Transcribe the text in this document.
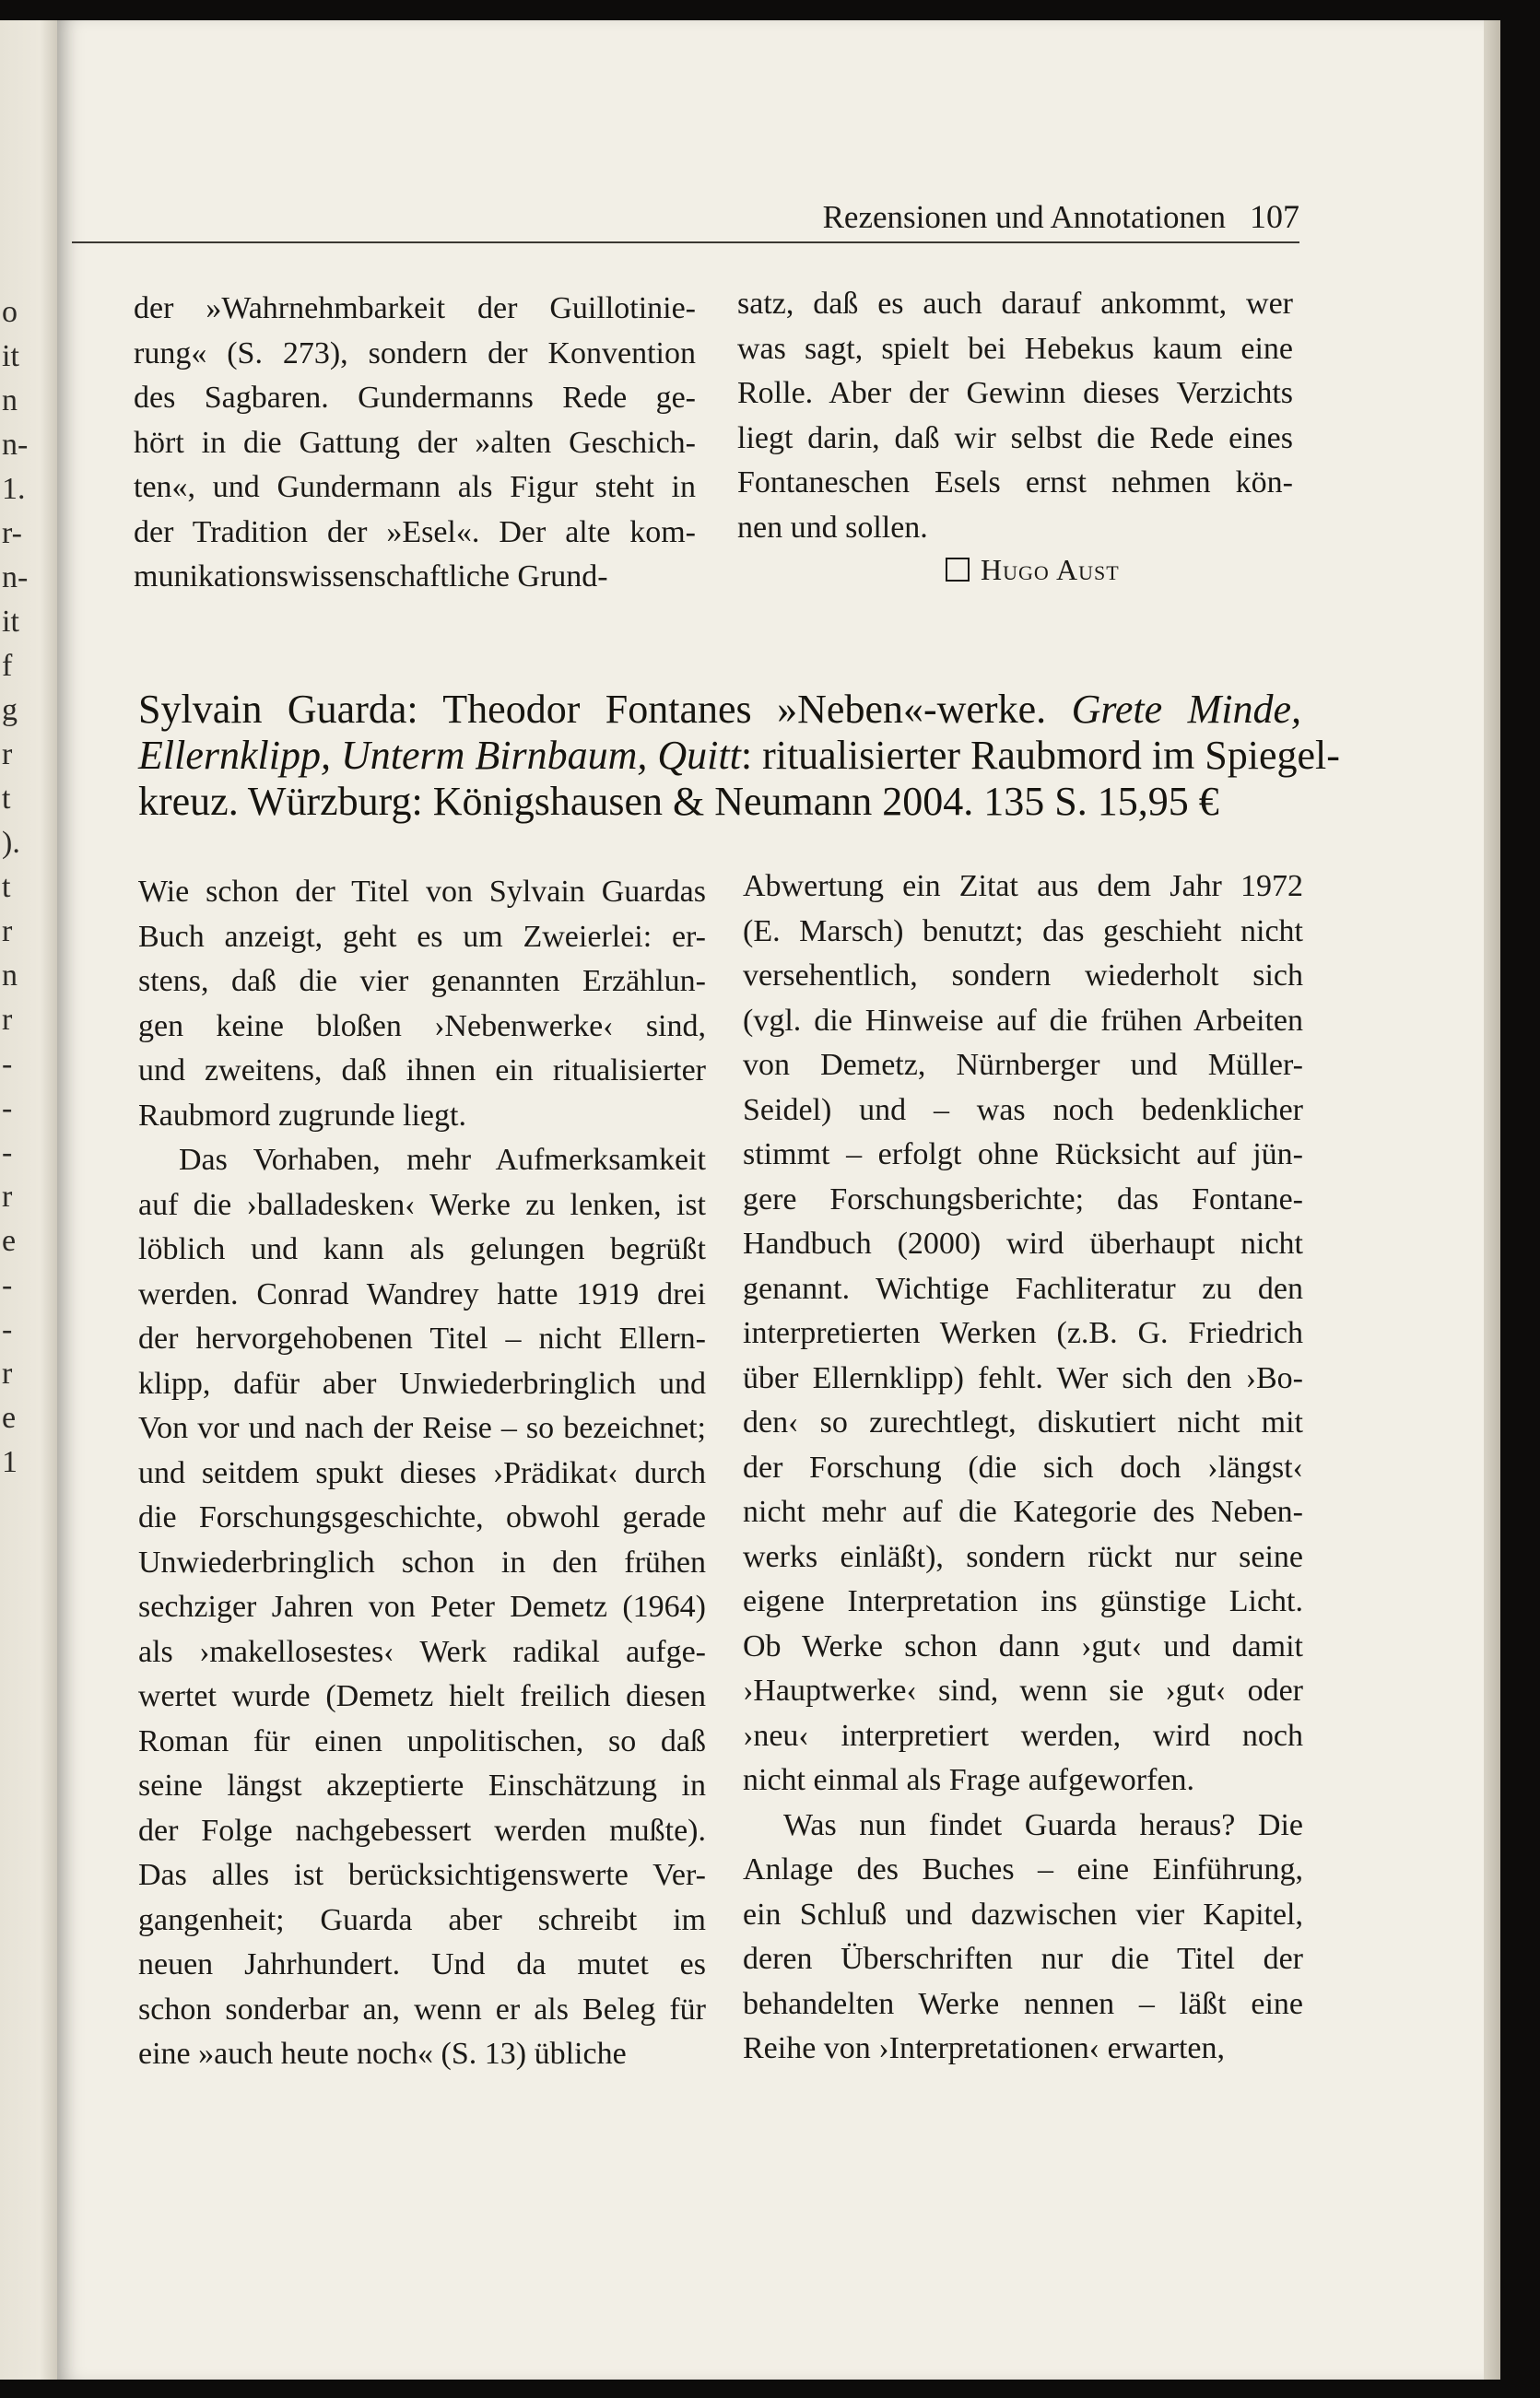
o
it
n
n-
1.
r-
n-
it
f
g
r
t
).
t
r
n
r
-
-
-
r
e
-
-
r
e
1
Rezensionen und Annotationen 107
der »Wahrnehmbarkeit der Guillotinie-
rung« (S. 273), sondern der Konvention
des Sagbaren. Gundermanns Rede ge-
hört in die Gattung der »alten Geschich-
ten«, und Gundermann als Figur steht in
der Tradition der »Esel«. Der alte kom-
munikationswissenschaftliche Grund-
satz, daß es auch darauf ankommt, wer
was sagt, spielt bei Hebekus kaum eine
Rolle. Aber der Gewinn dieses Verzichts
liegt darin, daß wir selbst die Rede eines
Fontaneschen Esels ernst nehmen kön-
nen und sollen.
Hugo Aust
Sylvain Guarda: Theodor Fontanes »Neben«-werke. Grete Minde,
Ellernklipp, Unterm Birnbaum, Quitt: ritualisierter Raubmord im Spiegel-
kreuz. Würzburg: Königshausen & Neumann 2004. 135 S. 15,95 €
Wie schon der Titel von Sylvain Guardas
Buch anzeigt, geht es um Zweierlei: er-
stens, daß die vier genannten Erzählun-
gen keine bloßen ›Nebenwerke‹ sind,
und zweitens, daß ihnen ein ritualisierter
Raubmord zugrunde liegt.
Das Vorhaben, mehr Aufmerksamkeit
auf die ›balladesken‹ Werke zu lenken, ist
löblich und kann als gelungen begrüßt
werden. Conrad Wandrey hatte 1919 drei
der hervorgehobenen Titel – nicht Ellern-
klipp, dafür aber Unwiederbringlich und
Von vor und nach der Reise – so bezeichnet;
und seitdem spukt dieses ›Prädikat‹ durch
die Forschungsgeschichte, obwohl gerade
Unwiederbringlich schon in den frühen
sechziger Jahren von Peter Demetz (1964)
als ›makellosestes‹ Werk radikal aufge-
wertet wurde (Demetz hielt freilich diesen
Roman für einen unpolitischen, so daß
seine längst akzeptierte Einschätzung in
der Folge nachgebessert werden mußte).
Das alles ist berücksichtigenswerte Ver-
gangenheit; Guarda aber schreibt im
neuen Jahrhundert. Und da mutet es
schon sonderbar an, wenn er als Beleg für
eine »auch heute noch« (S. 13) übliche
Abwertung ein Zitat aus dem Jahr 1972
(E. Marsch) benutzt; das geschieht nicht
versehentlich, sondern wiederholt sich
(vgl. die Hinweise auf die frühen Arbeiten
von Demetz, Nürnberger und Müller-
Seidel) und – was noch bedenklicher
stimmt – erfolgt ohne Rücksicht auf jün-
gere Forschungsberichte; das Fontane-
Handbuch (2000) wird überhaupt nicht
genannt. Wichtige Fachliteratur zu den
interpretierten Werken (z.B. G. Friedrich
über Ellernklipp) fehlt. Wer sich den ›Bo-
den‹ so zurechtlegt, diskutiert nicht mit
der Forschung (die sich doch ›längst‹
nicht mehr auf die Kategorie des Neben-
werks einläßt), sondern rückt nur seine
eigene Interpretation ins günstige Licht.
Ob Werke schon dann ›gut‹ und damit
›Hauptwerke‹ sind, wenn sie ›gut‹ oder
›neu‹ interpretiert werden, wird noch
nicht einmal als Frage aufgeworfen.
Was nun findet Guarda heraus? Die
Anlage des Buches – eine Einführung,
ein Schluß und dazwischen vier Kapitel,
deren Überschriften nur die Titel der
behandelten Werke nennen – läßt eine
Reihe von ›Interpretationen‹ erwarten,
